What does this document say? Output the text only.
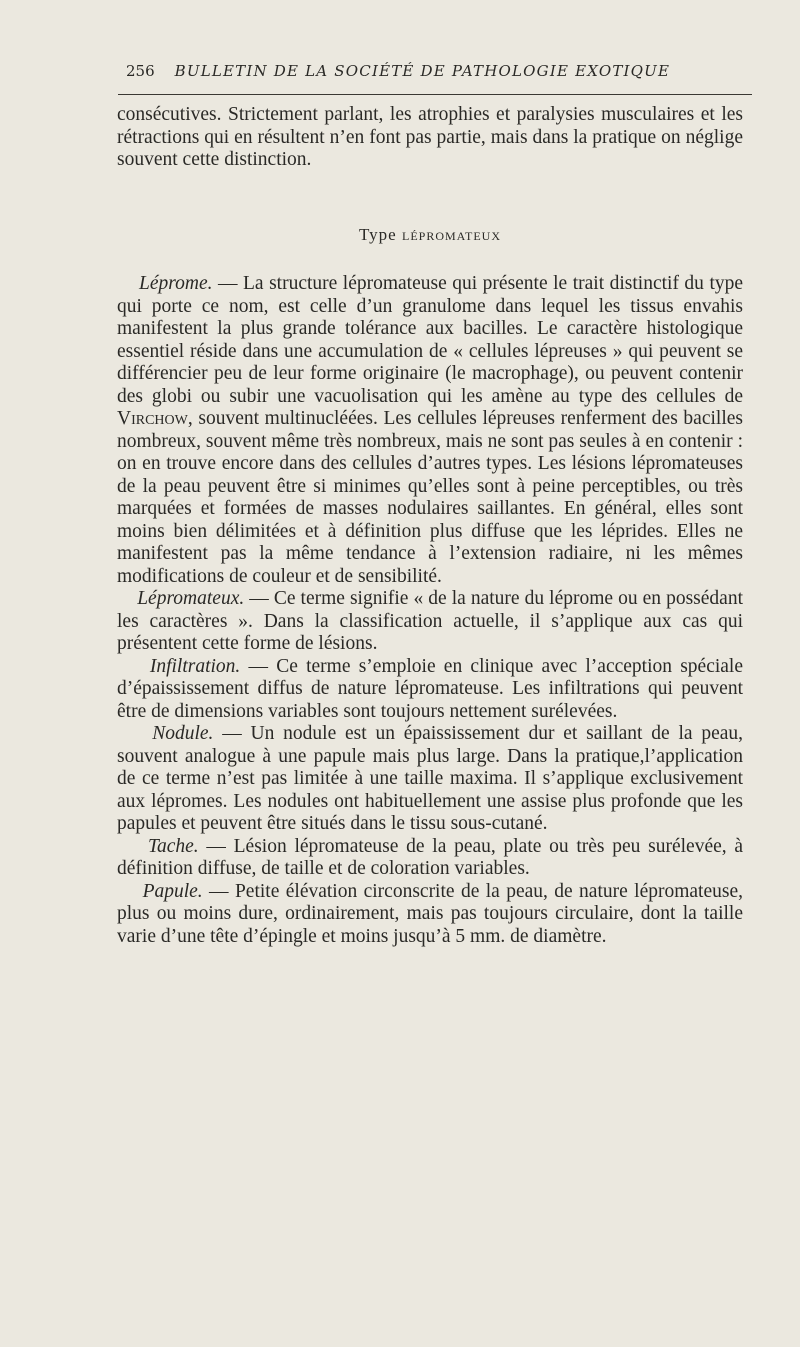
256 BULLETIN DE LA SOCIÉTÉ DE PATHOLOGIE EXOTIQUE

consécutives. Strictement parlant, les atrophies et paralysies musculaires et les rétractions qui en résultent n’en font pas partie, mais dans la pratique on néglige souvent cette distinction.

Type lépromateux

Léprome. — La structure lépromateuse qui présente le trait distinctif du type qui porte ce nom, est celle d’un granulome dans lequel les tissus envahis manifestent la plus grande tolérance aux bacilles. Le caractère histologique essentiel réside dans une accumulation de « cellules lépreuses » qui peuvent se différencier peu de leur forme originaire (le macrophage), ou peuvent contenir des globi ou subir une vacuolisation qui les amène au type des cellules de Virchow, souvent multinucléées. Les cellules lépreuses renferment des bacilles nombreux, souvent même très nombreux, mais ne sont pas seules à en contenir : on en trouve encore dans des cellules d’autres types. Les lésions lépromateuses de la peau peuvent être si minimes qu’elles sont à peine perceptibles, ou très marquées et formées de masses nodulaires saillantes. En général, elles sont moins bien délimitées et à définition plus diffuse que les léprides. Elles ne manifestent pas la même tendance à l’extension radiaire, ni les mêmes modifications de couleur et de sensibilité.

Lépromateux. — Ce terme signifie « de la nature du léprome ou en possédant les caractères ». Dans la classification actuelle, il s’applique aux cas qui présentent cette forme de lésions.

Infiltration. — Ce terme s’emploie en clinique avec l’acception spéciale d’épaississement diffus de nature lépromateuse. Les infiltrations qui peuvent être de dimensions variables sont toujours nettement surélevées.

Nodule. — Un nodule est un épaississement dur et saillant de la peau, souvent analogue à une papule mais plus large. Dans la pratique,l’application de ce terme n’est pas limitée à une taille maxima. Il s’applique exclusivement aux lépromes. Les nodules ont habituellement une assise plus profonde que les papules et peuvent être situés dans le tissu sous-cutané.

Tache. — Lésion lépromateuse de la peau, plate ou très peu surélevée, à définition diffuse, de taille et de coloration variables.

Papule. — Petite élévation circonscrite de la peau, de nature lépromateuse, plus ou moins dure, ordinairement, mais pas toujours circulaire, dont la taille varie d’une tête d’épingle et moins jusqu’à 5 mm. de diamètre.
